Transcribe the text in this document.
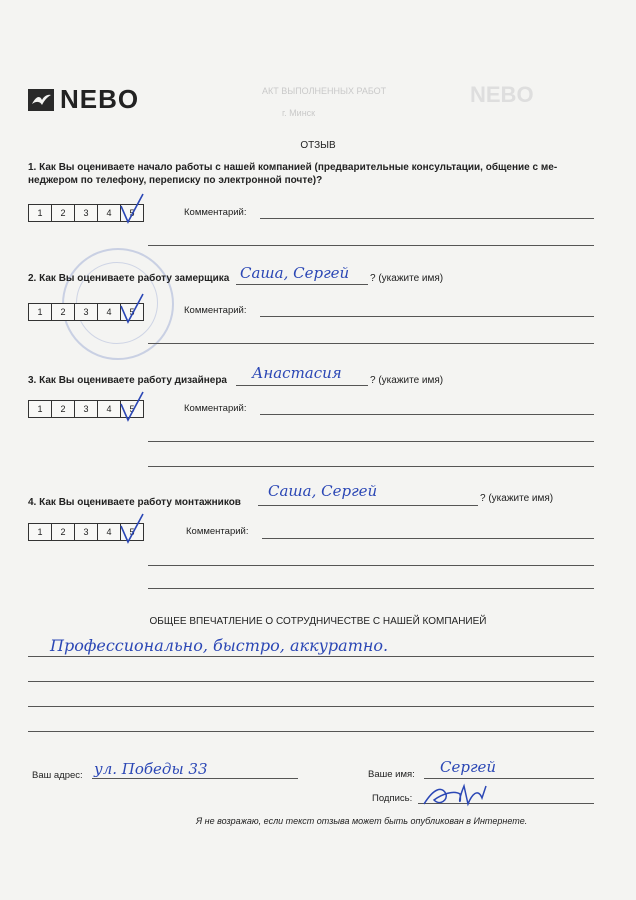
АКТ ВЫПОЛНЕННЫХ РАБОТ
г. Минск
NEBO
NEBO
ОТЗЫВ
1. Как Вы оцениваете начало работы с нашей компанией (предварительные консультации, общение с ме-
неджером по телефону, переписку по электронной почте)?
1	2	3	4	5	Комментарий:
2. Как Вы оцениваете работу замерщика Саша, Сергей ? (укажите имя)
1	2	3	4	5	Комментарий:
3. Как Вы оцениваете работу дизайнера Анастасия	? (укажите имя)
1	2	3	4	5	Комментарий:
4. Как Вы оцениваете работу монтажников
Саша, Сергей	? (укажите имя)
1	2	3	4	5	Комментарий:
ОБЩЕЕ ВПЕЧАТЛЕНИЕ О СОТРУДНИЧЕСТВЕ С НАШЕЙ КОМПАНИЕЙ
Профессионально, быстро, аккуратно.
Ваш адрес: ул. Победы 33	Ваше имя: Сергей
Подпись:
Я не возражаю, если текст отзыва может быть опубликован в Интернете.
